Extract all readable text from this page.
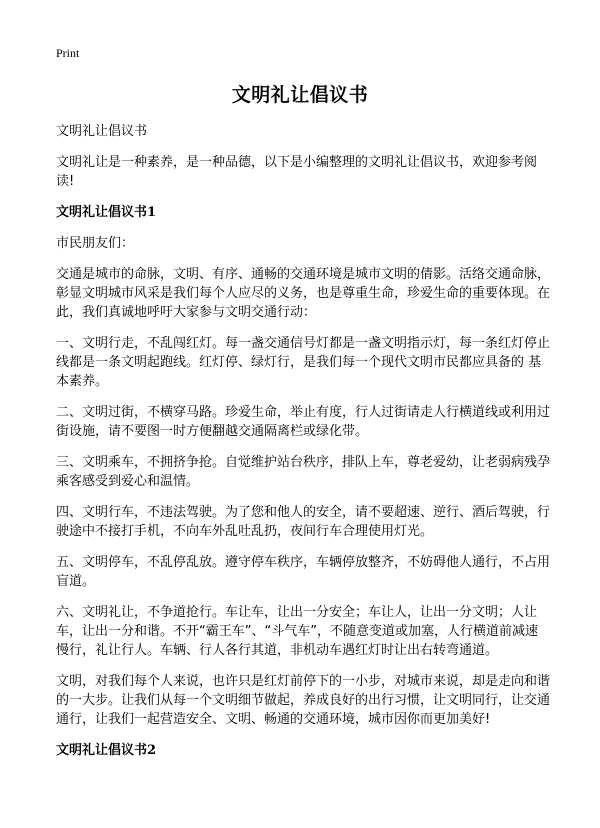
Print
文明礼让倡议书

文明礼让倡议书

文明礼让是一种素养，是一种品德，以下是小编整理的文明礼让倡议书，欢迎参考阅读!

文明礼让倡议书1

市民朋友们：

交通是城市的命脉，文明、有序、通畅的交通环境是城市文明的倩影。活络交通命脉，彰显文明城市风采是我们每个人应尽的义务，也是尊重生命，珍爱生命的重要体现。在此，我们真诚地呼吁大家参与文明交通行动：

一、文明行走，不乱闯红灯。每一盏交通信号灯都是一盏文明指示灯，每一条红灯停止线都是一条文明起跑线。红灯停、绿灯行，是我们每一个现代文明市民都应具备的 基本素养。

二、文明过街，不横穿马路。珍爱生命，举止有度，行人过街请走人行横道线或利用过街设施，请不要图一时方便翻越交通隔离栏或绿化带。

三、文明乘车，不拥挤争抢。自觉维护站台秩序，排队上车，尊老爱幼，让老弱病残孕乘客感受到爱心和温情。

四、文明行车，不违法驾驶。为了您和他人的安全，请不要超速、逆行、酒后驾驶，行驶途中不接打手机，不向车外乱吐乱扔，夜间行车合理使用灯光。

五、文明停车，不乱停乱放。遵守停车秩序，车辆停放整齐，不妨碍他人通行，不占用盲道。

六、文明礼让，不争道抢行。车让车，让出一分安全；车让人，让出一分文明；人让车，让出一分和谐。不开“霸王车”、“斗气车”，不随意变道或加塞，人行横道前减速慢行，礼让行人。车辆、行人各行其道，非机动车遇红灯时让出右转弯通道。

文明，对我们每个人来说，也许只是红灯前停下的一小步，对城市来说，却是走向和谐的一大步。让我们从每一个文明细节做起，养成良好的出行习惯，让文明同行，让交通通行，让我们一起营造安全、文明、畅通的交通环境，城市因你而更加美好!

文明礼让倡议书2
